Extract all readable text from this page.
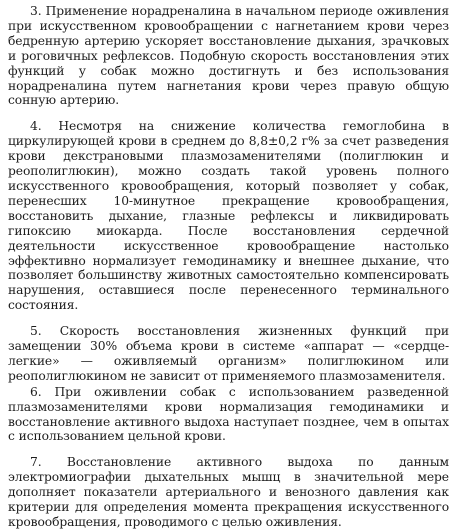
3. Применение норадреналина в начальном периоде оживления при искусственном кровообращении с нагнетанием крови через бедренную артерию ускоряет восстановление дыхания, зрачковых и роговичных рефлексов. Подобную скорость восстановления этих функций у собак можно достигнуть и без использования норадреналина путем нагнетания крови через правую общую сонную артерию.

4. Несмотря на снижение количества гемоглобина в циркулирующей крови в среднем до 8,8±0,2 г% за счет разведения крови декстрановыми плазмозаменителями (полиглюкин и реополиглюкин), можно создать такой уровень полного искусственного кровообращения, который позволяет у собак, перенесших 10-минутное прекращение кровообращения, восстановить дыхание, глазные рефлексы и ликвидировать гипоксию миокарда. После восстановления сердечной деятельности искусственное кровообращение настолько эффективно нормализует гемодинамику и внешнее дыхание, что позволяет большинству животных самостоятельно компенсировать нарушения, оставшиеся после перенесенного терминального состояния.

5. Скорость восстановления жизненных функций при замещении 30% объема крови в системе «аппарат — «сердце-легкие» — оживляемый организм» полиглюкином или реополиглюкином не зависит от применяемого плазмозаменителя.

6. При оживлении собак с использованием разведенной плазмозаменителями крови нормализация гемодинамики и восстановление активного выдоха наступает позднее, чем в опытах с использованием цельной крови.

7. Восстановление активного выдоха по данным электромиографии дыхательных мышц в значительной мере дополняет показатели артериального и венозного давления как критерии для определения момента прекращения искусственного кровообращения, проводимого с целью оживления.
